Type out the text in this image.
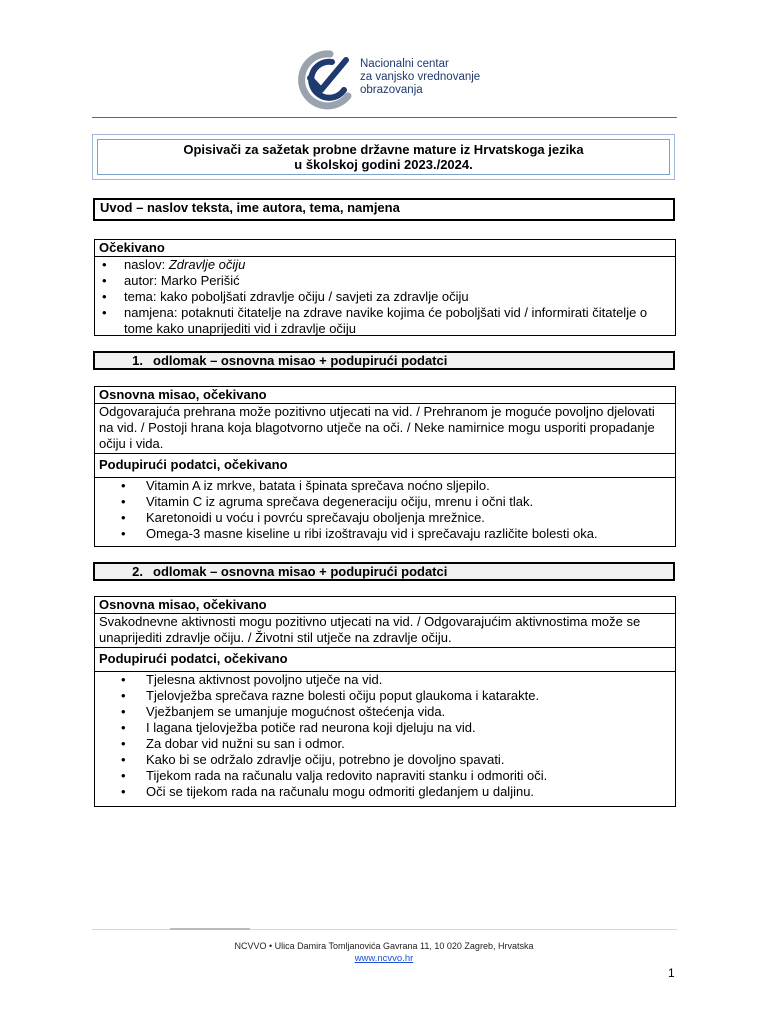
Nacionalni centar
za vanjsko vrednovanje
obrazovanja
Opisivači za sažetak probne državne mature iz Hrvatskoga jezika
u školskoj godini 2023./2024.
Uvod – naslov teksta, ime autora, tema, namjena
Očekivano
• naslov: Zdravlje očiju
• autor: Marko Perišić
• tema: kako poboljšati zdravlje očiju / savjeti za zdravlje očiju
• namjena: potaknuti čitatelje na zdrave navike kojima će poboljšati vid / informirati čitatelje o tome kako unaprijediti vid i zdravlje očiju
1. odlomak – osnovna misao + podupirući podatci
Osnovna misao, očekivano
Odgovarajuća prehrana može pozitivno utjecati na vid. / Prehranom je moguće povoljno djelovati na vid. / Postoji hrana koja blagotvorno utječe na oči. / Neke namirnice mogu usporiti propadanje očiju i vida.
Podupirući podatci, očekivano
• Vitamin A iz mrkve, batata i špinata sprečava noćno sljepilo.
• Vitamin C iz agruma sprečava degeneraciju očiju, mrenu i očni tlak.
• Karetonoidi u voću i povrću sprečavaju oboljenja mrežnice.
• Omega-3 masne kiseline u ribi izoštravaju vid i sprečavaju različite bolesti oka.
2. odlomak – osnovna misao + podupirući podatci
Osnovna misao, očekivano
Svakodnevne aktivnosti mogu pozitivno utjecati na vid. / Odgovarajućim aktivnostima može se unaprijediti zdravlje očiju. / Životni stil utječe na zdravlje očiju.
Podupirući podatci, očekivano
• Tjelesna aktivnost povoljno utječe na vid.
• Tjelovježba sprečava razne bolesti očiju poput glaukoma i katarakte.
• Vježbanjem se umanjuje mogućnost oštećenja vida.
• I lagana tjelovježba potiče rad neurona koji djeluju na vid.
• Za dobar vid nužni su san i odmor.
• Kako bi se održalo zdravlje očiju, potrebno je dovoljno spavati.
• Tijekom rada na računalu valja redovito napraviti stanku i odmoriti oči.
• Oči se tijekom rada na računalu mogu odmoriti gledanjem u daljinu.
NCVVO • Ulica Damira Tomljanovića Gavrana 11, 10 020 Zagreb, Hrvatska
www.ncvvo.hr
1
